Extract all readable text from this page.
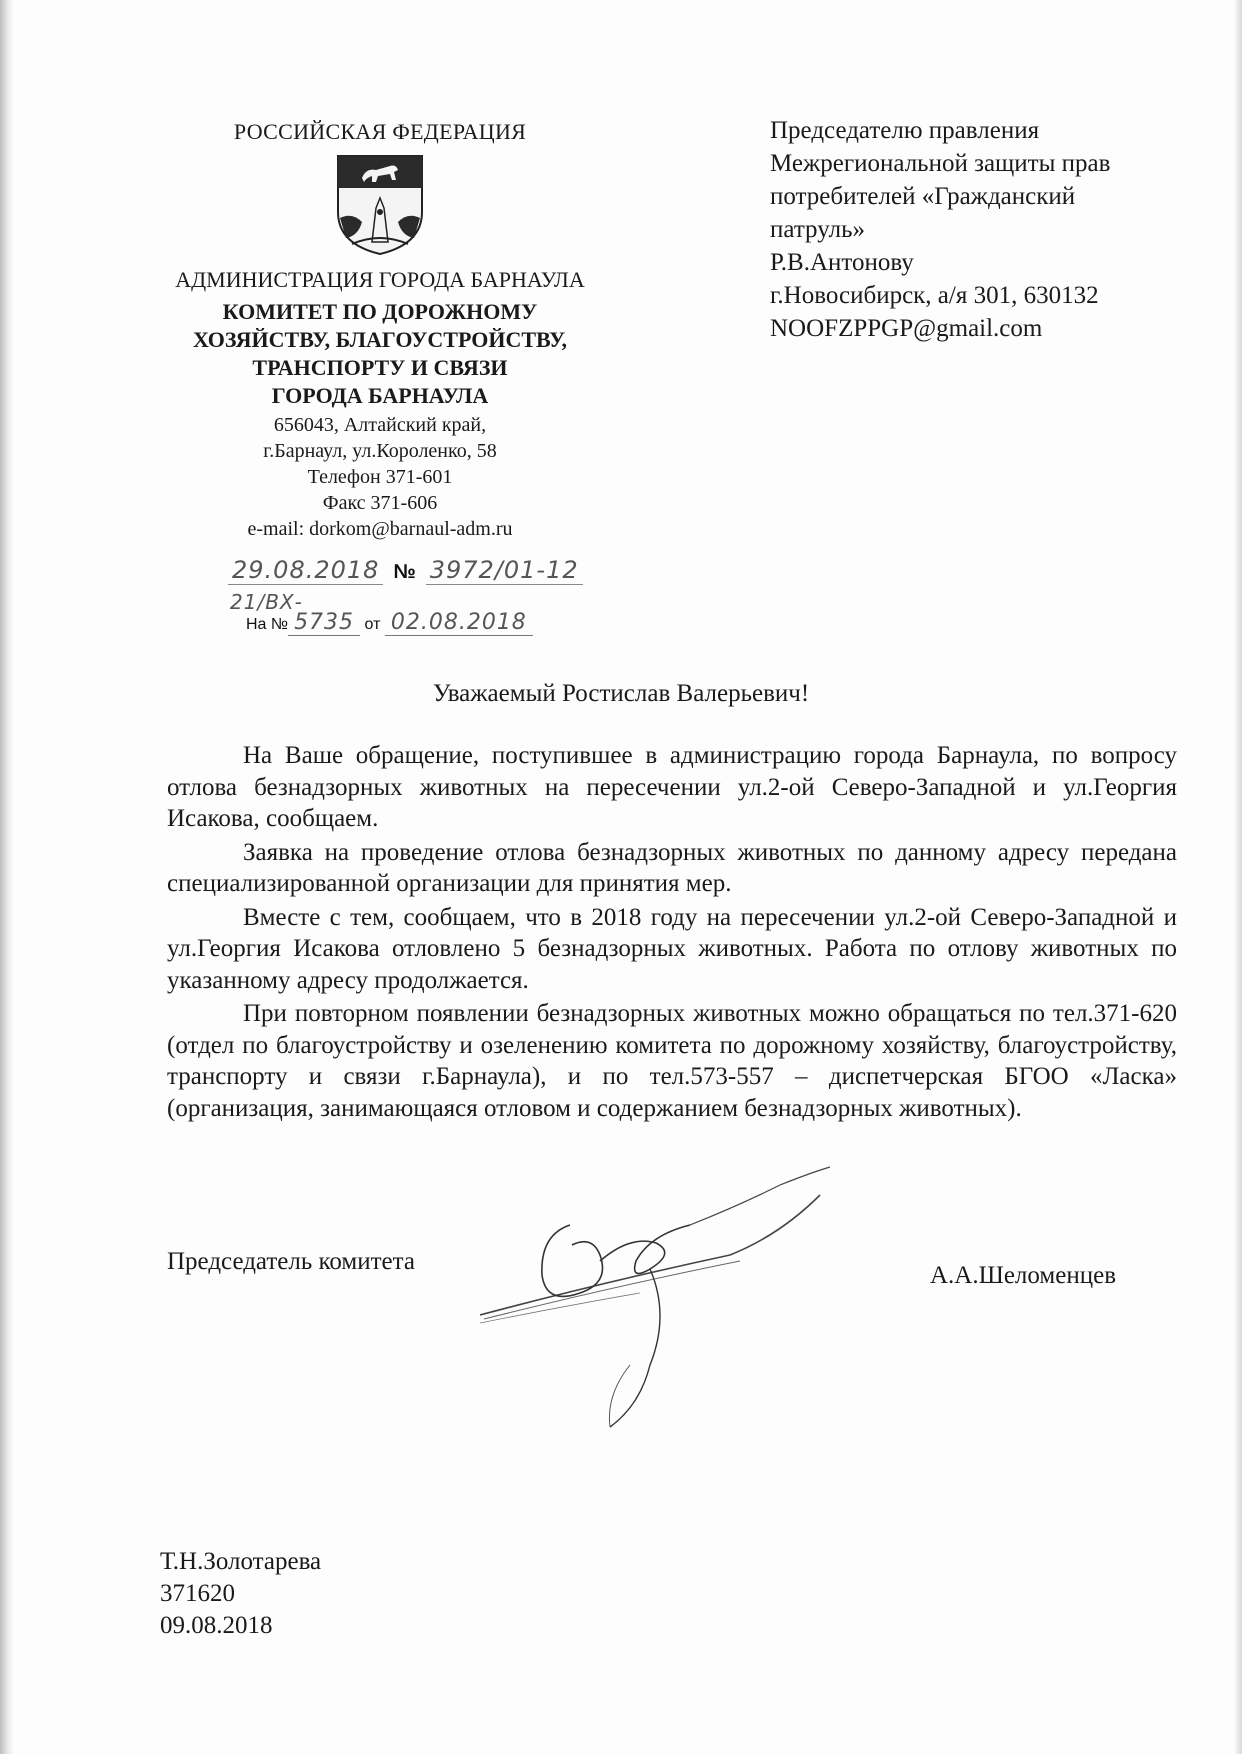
РОССИЙСКАЯ ФЕДЕРАЦИЯ
АДМИНИСТРАЦИЯ ГОРОДА БАРНАУЛА
КОМИТЕТ ПО ДОРОЖНОМУ
ХОЗЯЙСТВУ, БЛАГОУСТРОЙСТВУ,
ТРАНСПОРТУ И СВЯЗИ
ГОРОДА БАРНАУЛА
656043, Алтайский край,
г.Барнаул, ул.Короленко, 58
Телефон 371-601
Факс 371-606
e-mail: dorkom@barnaul-adm.ru
29.08.2018 № 3972/01-12
21/ВХ-
На № 5735 от 02.08.2018
Председателю правления
Межрегиональной защиты прав
потребителей «Гражданский
патруль»
Р.В.Антонову
г.Новосибирск, а/я 301, 630132
NOOFZPPGP@gmail.com
Уважаемый Ростислав Валерьевич!

На Ваше обращение, поступившее в администрацию города Барнаула, по вопросу отлова безнадзорных животных на пересечении ул.2-ой Северо-Западной и ул.Георгия Исакова, сообщаем.

Заявка на проведение отлова безнадзорных животных по данному адресу передана специализированной организации для принятия мер.

Вместе с тем, сообщаем, что в 2018 году на пересечении ул.2-ой Северо-Западной и ул.Георгия Исакова отловлено 5 безнадзорных животных. Работа по отлову животных по указанному адресу продолжается.

При повторном появлении безнадзорных животных можно обращаться по тел.371-620 (отдел по благоустройству и озеленению комитета по дорожному хозяйству, благоустройству, транспорту и связи г.Барнаула), и по тел.573-557 – диспетчерская БГОО «Ласка» (организация, занимающаяся отловом и содержанием безнадзорных животных).

Председатель комитета
А.А.Шеломенцев
Т.Н.Золотарева
371620
09.08.2018
